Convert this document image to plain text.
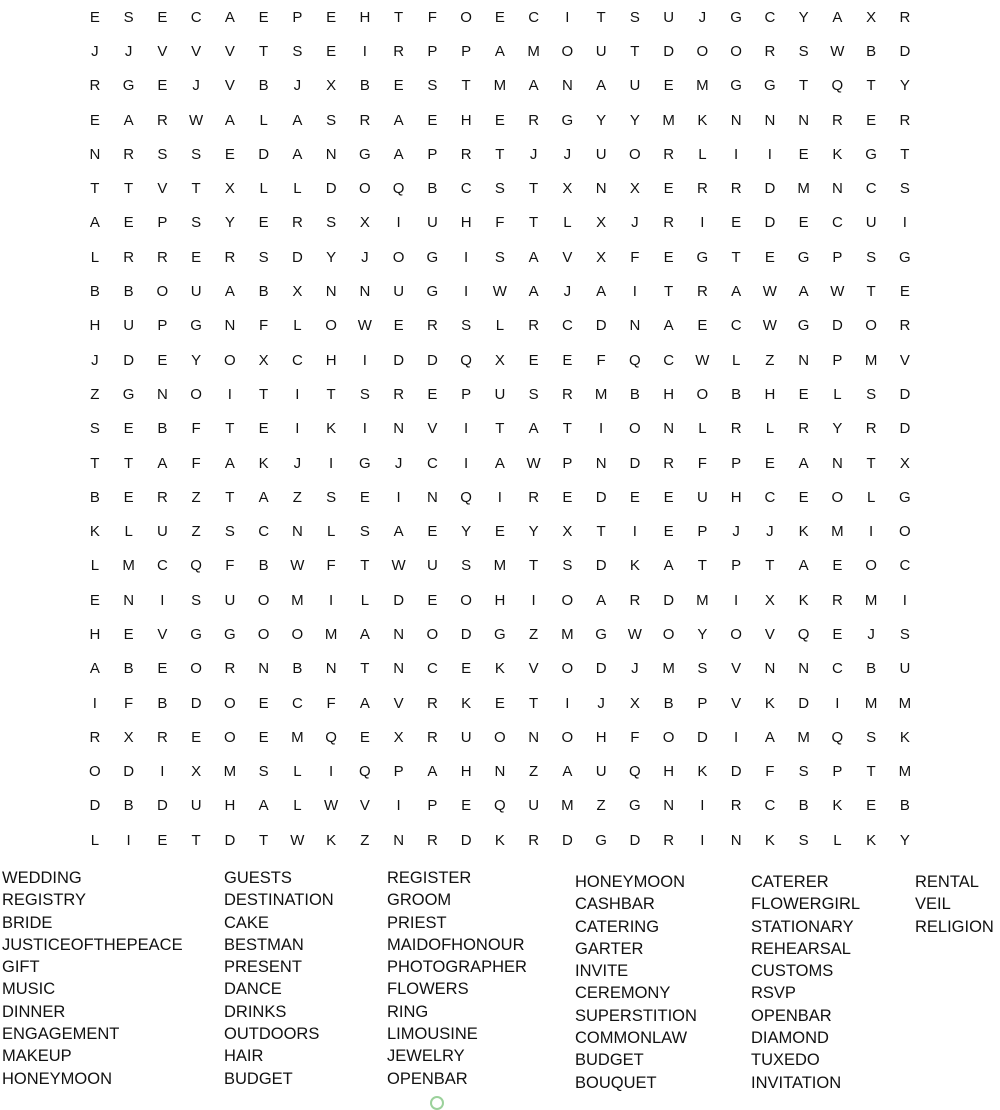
E	S	E	C	A	E	P	E	H	T	F	O	E	C	I	T	S	U	J	G	C	Y	A	X	R
J	J	V	V	V	T	S	E	I	R	P	P	A	M	O	U	T	D	O	O	R	S	W	B	D
R	G	E	J	V	B	J	X	B	E	S	T	M	A	N	A	U	E	M	G	G	T	Q	T	Y
E	A	R	W	A	L	A	S	R	A	E	H	E	R	G	Y	Y	M	K	N	N	N	R	E	R
N	R	S	S	E	D	A	N	G	A	P	R	T	J	J	U	O	R	L	I	I	E	K	G	T
T	T	V	T	X	L	L	D	O	Q	B	C	S	T	X	N	X	E	R	R	D	M	N	C	S
A	E	P	S	Y	E	R	S	X	I	U	H	F	T	L	X	J	R	I	E	D	E	C	U	I
L	R	R	E	R	S	D	Y	J	O	G	I	S	A	V	X	F	E	G	T	E	G	P	S	G
B	B	O	U	A	B	X	N	N	U	G	I	W	A	J	A	I	T	R	A	W	A	W	T	E
H	U	P	G	N	F	L	O	W	E	R	S	L	R	C	D	N	A	E	C	W	G	D	O	R
J	D	E	Y	O	X	C	H	I	D	D	Q	X	E	E	F	Q	C	W	L	Z	N	P	M	V
Z	G	N	O	I	T	I	T	S	R	E	P	U	S	R	M	B	H	O	B	H	E	L	S	D
S	E	B	F	T	E	I	K	I	N	V	I	T	A	T	I	O	N	L	R	L	R	Y	R	D
T	T	A	F	A	K	J	I	G	J	C	I	A	W	P	N	D	R	F	P	E	A	N	T	X
B	E	R	Z	T	A	Z	S	E	I	N	Q	I	R	E	D	E	E	U	H	C	E	O	L	G
K	L	U	Z	S	C	N	L	S	A	E	Y	E	Y	X	T	I	E	P	J	J	K	M	I	O
L	M	C	Q	F	B	W	F	T	W	U	S	M	T	S	D	K	A	T	P	T	A	E	O	C
E	N	I	S	U	O	M	I	L	D	E	O	H	I	O	A	R	D	M	I	X	K	R	M	I
H	E	V	G	G	O	O	M	A	N	O	D	G	Z	M	G	W	O	Y	O	V	Q	E	J	S
A	B	E	O	R	N	B	N	T	N	C	E	K	V	O	D	J	M	S	V	N	N	C	B	U
I	F	B	D	O	E	C	F	A	V	R	K	E	T	I	J	X	B	P	V	K	D	I	M	M
R	X	R	E	O	E	M	Q	E	X	R	U	O	N	O	H	F	O	D	I	A	M	Q	S	K
O	D	I	X	M	S	L	I	Q	P	A	H	N	Z	A	U	Q	H	K	D	F	S	P	T	M
D	B	D	U	H	A	L	W	V	I	P	E	Q	U	M	Z	G	N	I	R	C	B	K	E	B
L	I	E	T	D	T	W	K	Z	N	R	D	K	R	D	G	D	R	I	N	K	S	L	K	Y
WEDDING
REGISTRY
BRIDE
JUSTICEOFTHEPEACE
GIFT
MUSIC
DINNER
ENGAGEMENT
MAKEUP
HONEYMOON
GUESTS
DESTINATION
CAKE
BESTMAN
PRESENT
DANCE
DRINKS
OUTDOORS
HAIR
BUDGET
REGISTER
GROOM
PRIEST
MAIDOFHONOUR
PHOTOGRAPHER
FLOWERS
RING
LIMOUSINE
JEWELRY
OPENBAR
HONEYMOON
CASHBAR
CATERING
GARTER
INVITE
CEREMONY
SUPERSTITION
COMMONLAW
BUDGET
BOUQUET
CATERER
FLOWERGIRL
STATIONARY
REHEARSAL
CUSTOMS
RSVP
OPENBAR
DIAMOND
TUXEDO
INVITATION
RENTAL
VEIL
RELIGION
